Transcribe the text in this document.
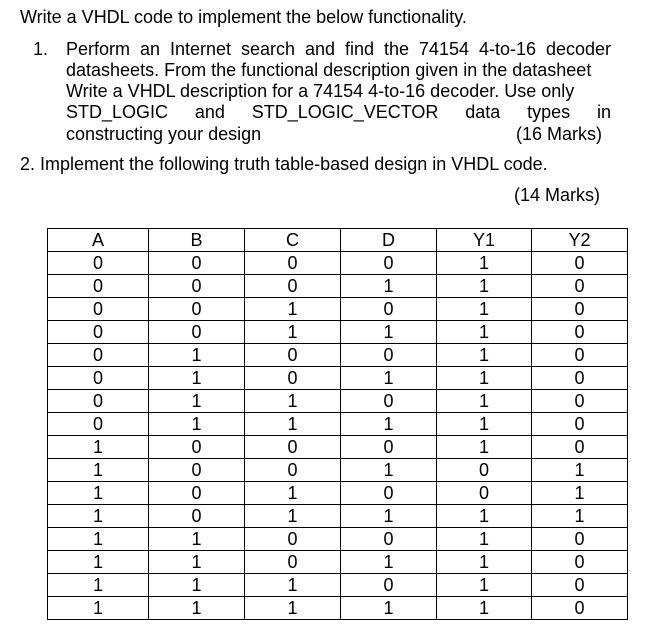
Write a VHDL code to implement the below functionality.
1. Perform an Internet search and find the 74154 4-to-16 decoder
datasheets. From the functional description given in the datasheet
Write a VHDL description for a 74154 4-to-16 decoder. Use only
STD_LOGIC and STD_LOGIC_VECTOR data types in
constructing your design	(16 Marks)
2. Implement the following truth table-based design in VHDL code.
(14 Marks)
A	B	C	D	Y1	Y2
0	0	0	0	1	0
0	0	0	1	1	0
0	0	1	0	1	0
0	0	1	1	1	0
0	1	0	0	1	0
0	1	0	1	1	0
0	1	1	0	1	0
0	1	1	1	1	0
1	0	0	0	1	0
1	0	0	1	0	1
1	0	1	0	0	1
1	0	1	1	1	1
1	1	0	0	1	0
1	1	0	1	1	0
1	1	1	0	1	0
1	1	1	1	1	0
